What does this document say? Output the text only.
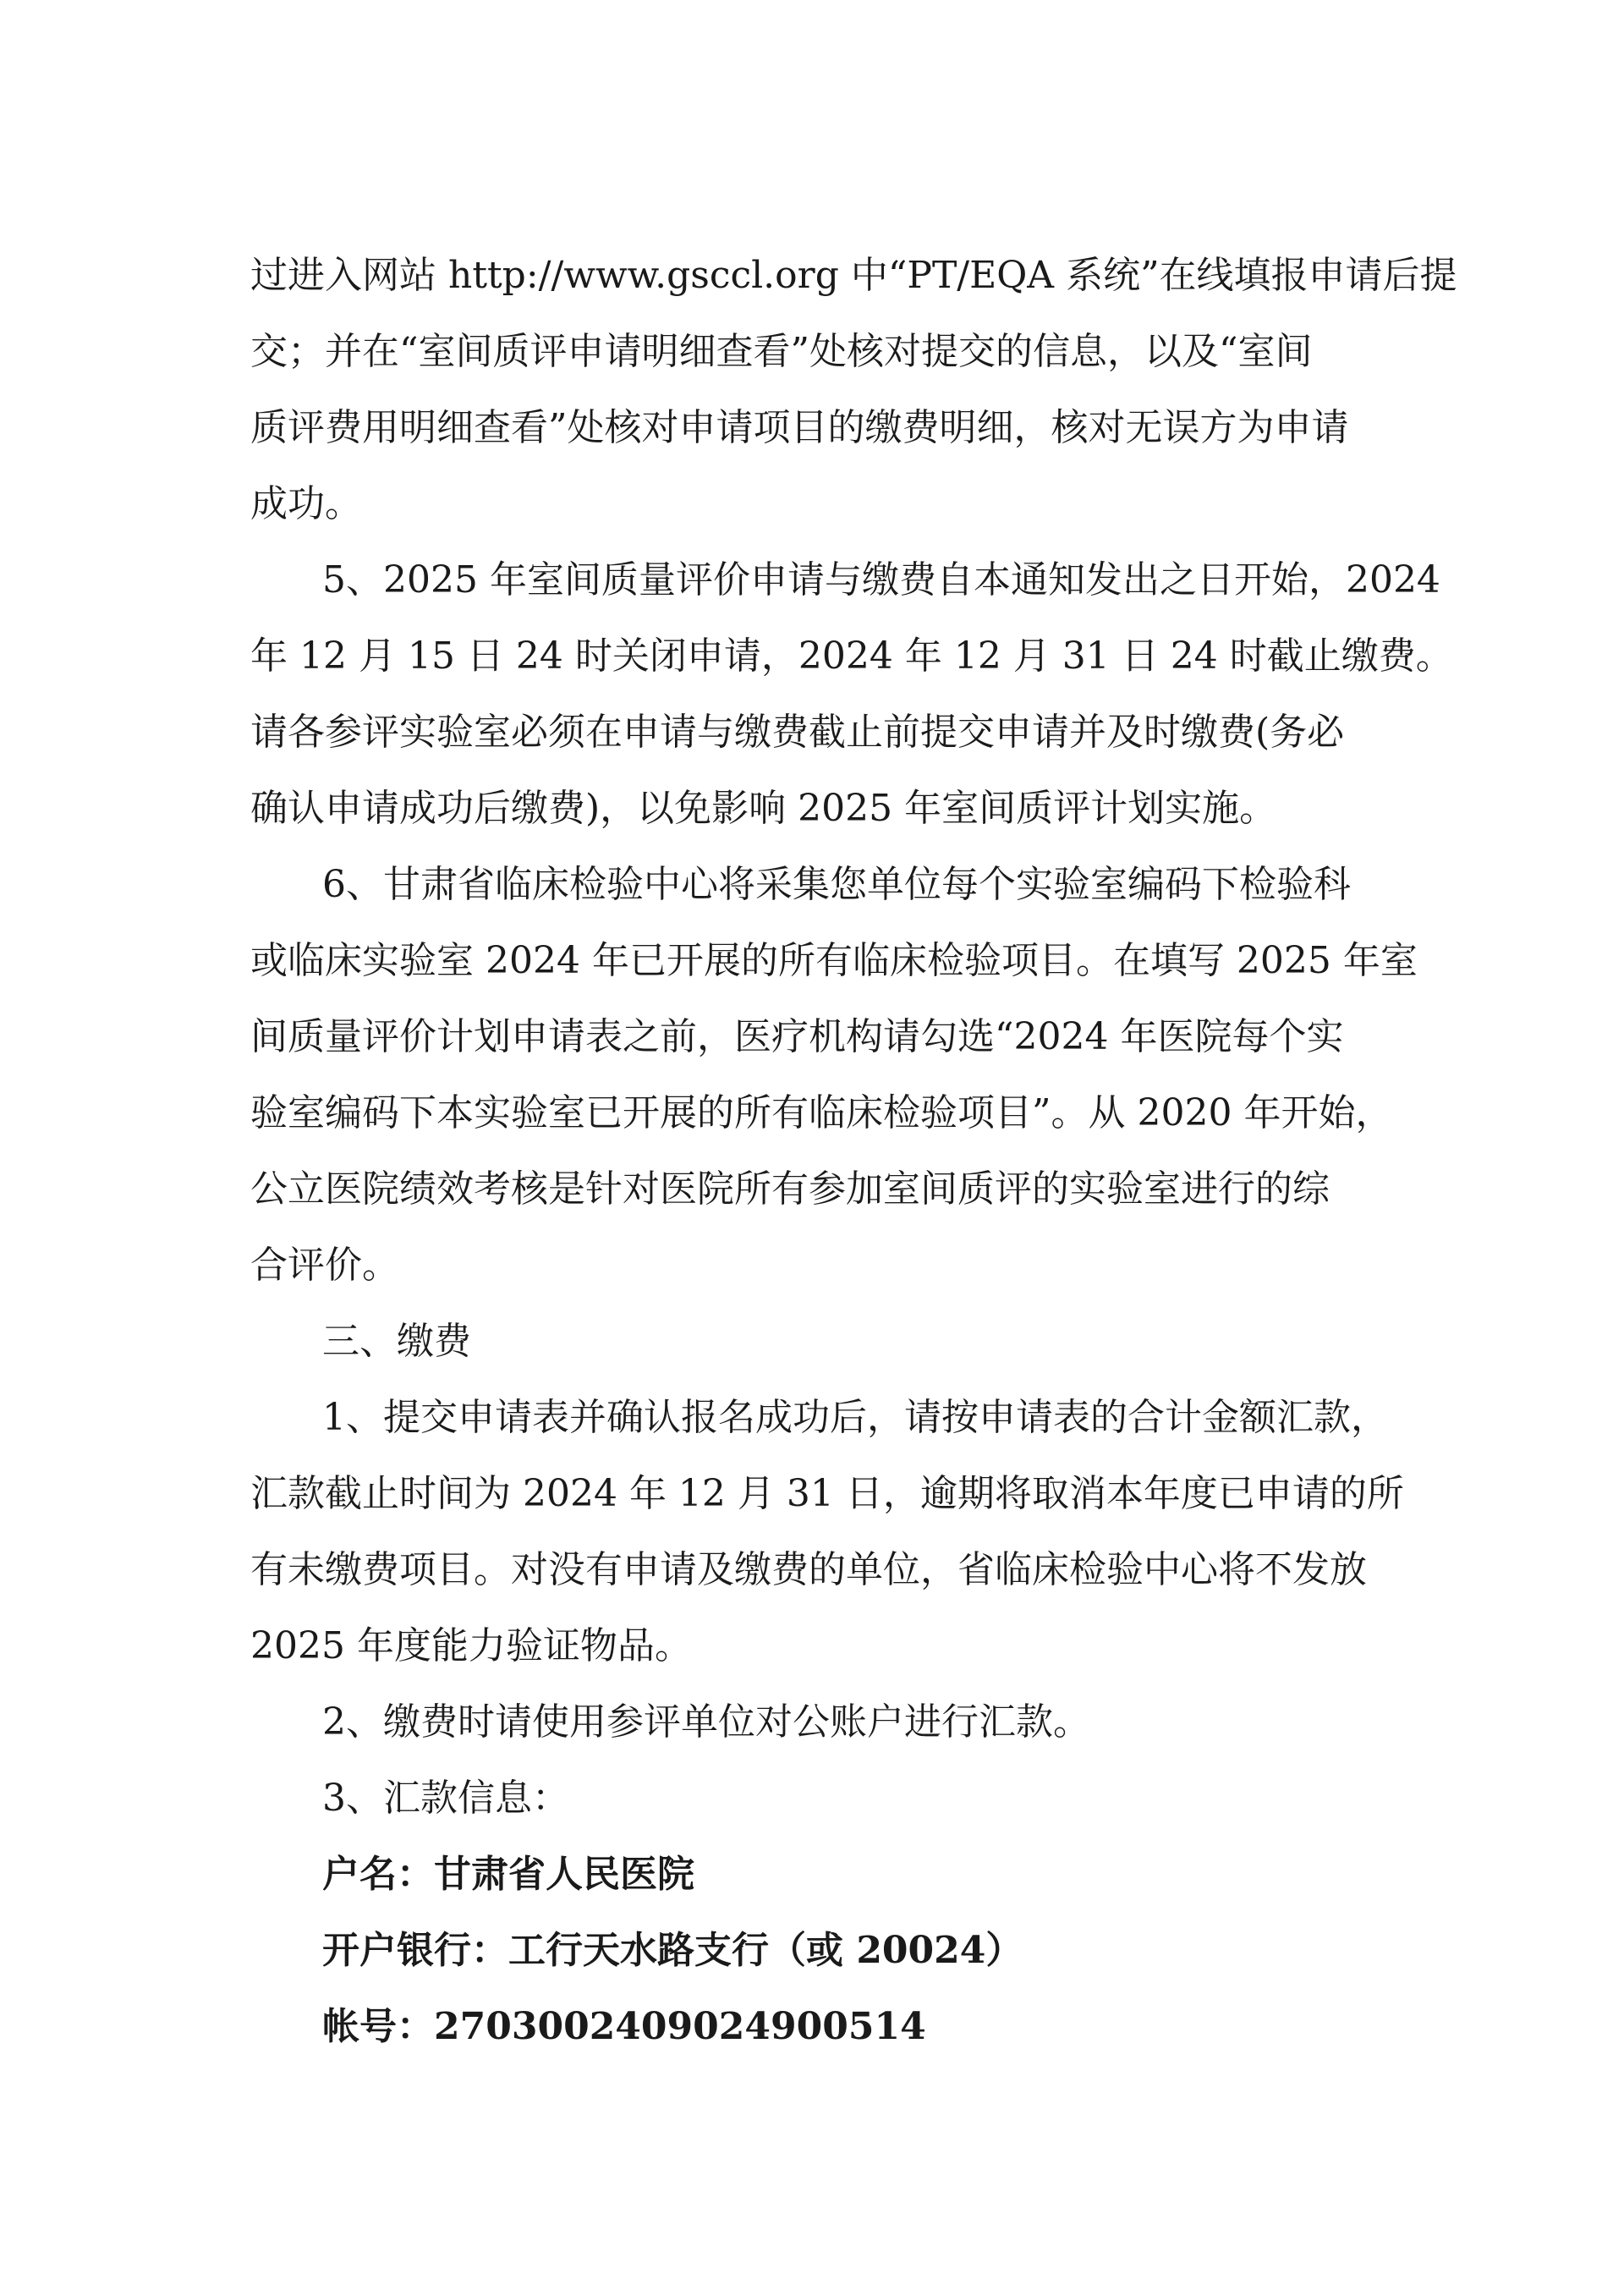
过进入网站 http://www.gsccl.org 中“PT/EQA 系统”在线填报申请后提
交；并在“室间质评申请明细查看”处核对提交的信息，以及“室间
质评费用明细查看”处核对申请项目的缴费明细，核对无误方为申请
成功。
5、2025 年室间质量评价申请与缴费自本通知发出之日开始，2024
年 12 月 15 日 24 时关闭申请，2024 年 12 月 31 日 24 时截止缴费。
请各参评实验室必须在申请与缴费截止前提交申请并及时缴费(务必
确认申请成功后缴费)，以免影响 2025 年室间质评计划实施。
6、甘肃省临床检验中心将采集您单位每个实验室编码下检验科
或临床实验室 2024 年已开展的所有临床检验项目。在填写 2025 年室
间质量评价计划申请表之前，医疗机构请勾选“2024 年医院每个实
验室编码下本实验室已开展的所有临床检验项目”。从 2020 年开始，
公立医院绩效考核是针对医院所有参加室间质评的实验室进行的综
合评价。
三、缴费
1、提交申请表并确认报名成功后，请按申请表的合计金额汇款，
汇款截止时间为 2024 年 12 月 31 日，逾期将取消本年度已申请的所
有未缴费项目。对没有申请及缴费的单位，省临床检验中心将不发放
2025 年度能力验证物品。
2、缴费时请使用参评单位对公账户进行汇款。
3、汇款信息：
户名：甘肃省人民医院
开户银行：工行天水路支行（或 20024）
帐号：2703002409024900514
